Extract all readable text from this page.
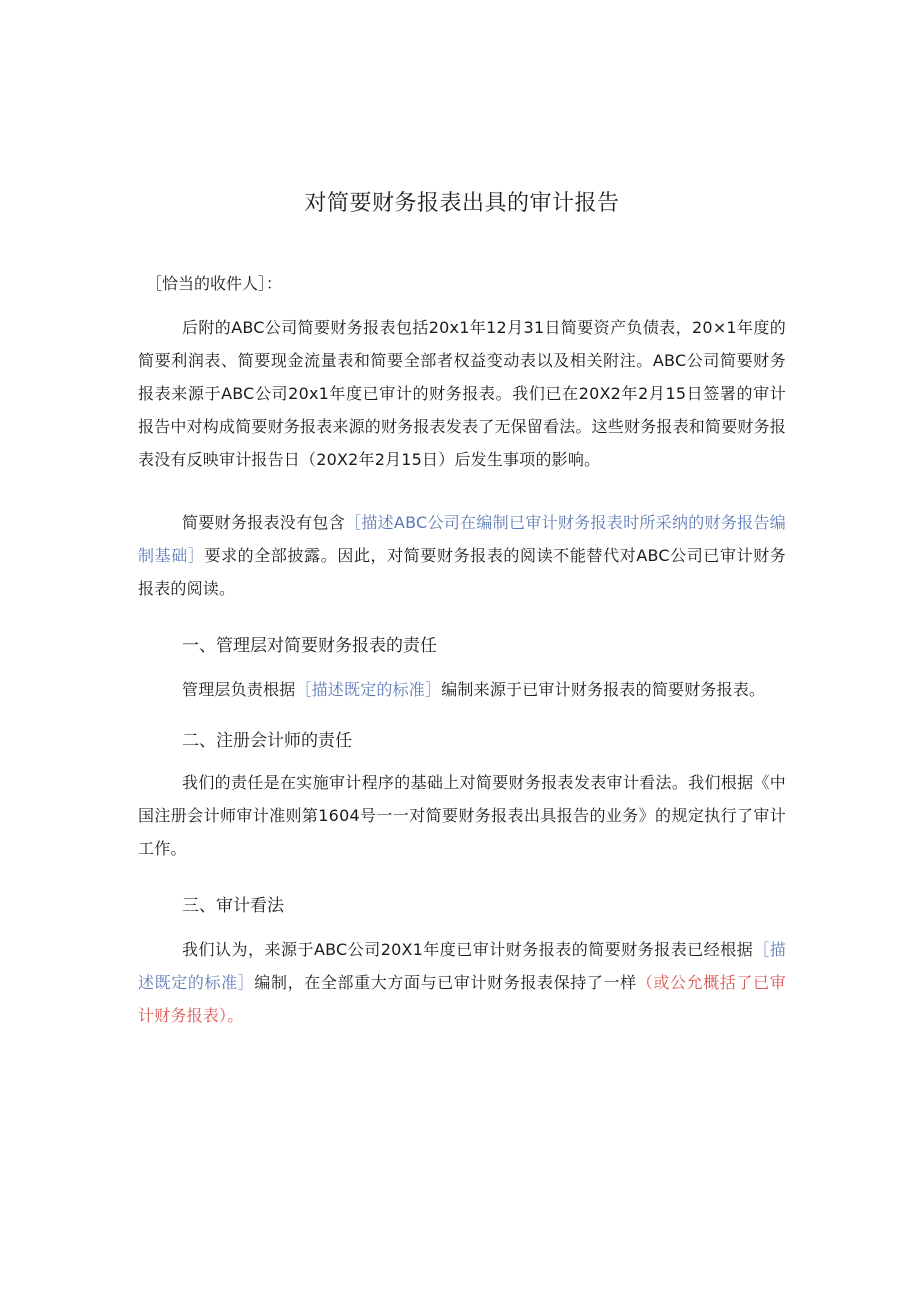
对简要财务报表出具的审计报告

［恰当的收件人］：

后附的ABC公司简要财务报表包括20x1年12月31日简要资产负债表，20×1年度的简要利润表、简要现金流量表和简要全部者权益变动表以及相关附注。ABC公司简要财务报表来源于ABC公司20x1年度已审计的财务报表。我们已在20X2年2月15日签署的审计报告中对构成简要财务报表来源的财务报表发表了无保留看法。这些财务报表和简要财务报表没有反映审计报告日（20X2年2月15日）后发生事项的影响。

简要财务报表没有包含［描述ABC公司在编制已审计财务报表时所采纳的财务报告编制基础］要求的全部披露。因此，对简要财务报表的阅读不能替代对ABC公司已审计财务报表的阅读。

一、管理层对简要财务报表的责任

管理层负责根据［描述既定的标准］编制来源于已审计财务报表的简要财务报表。

二、注册会计师的责任

我们的责任是在实施审计程序的基础上对简要财务报表发表审计看法。我们根据《中国注册会计师审计准则第1604号一一对简要财务报表出具报告的业务》的规定执行了审计工作。

三、审计看法

我们认为，来源于ABC公司20X1年度已审计财务报表的简要财务报表已经根据［描述既定的标准］编制，在全部重大方面与已审计财务报表保持了一样（或公允概括了已审计财务报表）。
